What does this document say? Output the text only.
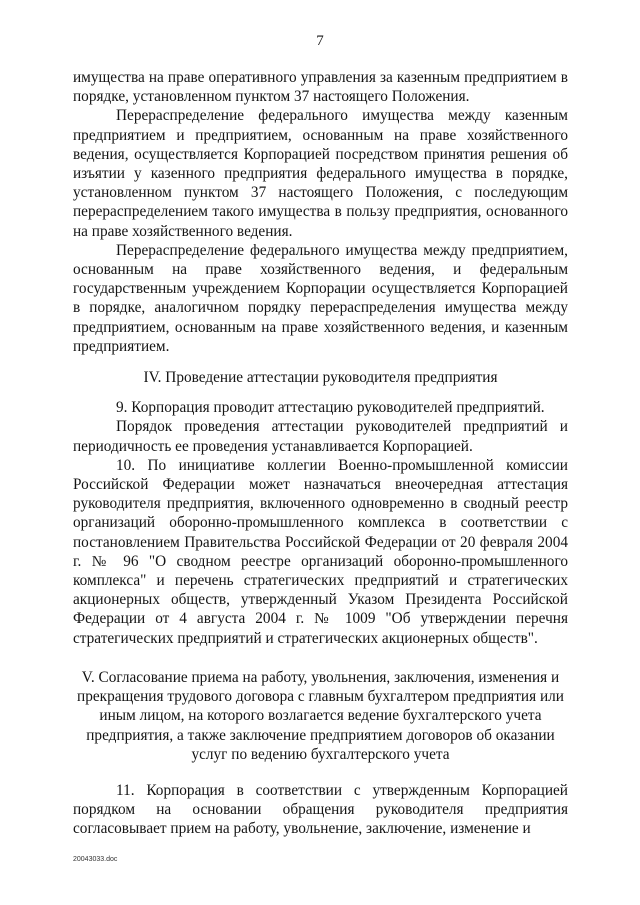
7

имущества на праве оперативного управления за казенным предприятием в порядке, установленном пунктом 37 настоящего Положения.

Перераспределение федерального имущества между казенным предприятием и предприятием, основанным на праве хозяйственного ведения, осуществляется Корпорацией посредством принятия решения об изъятии у казенного предприятия федерального имущества в порядке, установленном пунктом 37 настоящего Положения, с последующим перераспределением такого имущества в пользу предприятия, основанного на праве хозяйственного ведения.

Перераспределение федерального имущества между предприятием, основанным на праве хозяйственного ведения, и федеральным государственным учреждением Корпорации осуществляется Корпорацией в порядке, аналогичном порядку перераспределения имущества между предприятием, основанным на праве хозяйственного ведения, и казенным предприятием.

IV. Проведение аттестации руководителя предприятия

9. Корпорация проводит аттестацию руководителей предприятий.

Порядок проведения аттестации руководителей предприятий и периодичность ее проведения устанавливается Корпорацией.

10. По инициативе коллегии Военно-промышленной комиссии Российской Федерации может назначаться внеочередная аттестация руководителя предприятия, включенного одновременно в сводный реестр организаций оборонно-промышленного комплекса в соответствии с постановлением Правительства Российской Федерации от 20 февраля 2004 г. № 96 "О сводном реестре организаций оборонно-промышленного комплекса" и перечень стратегических предприятий и стратегических акционерных обществ, утвержденный Указом Президента Российской Федерации от 4 августа 2004 г. № 1009 "Об утверждении перечня стратегических предприятий и стратегических акционерных обществ".

V. Согласование приема на работу, увольнения, заключения, изменения и прекращения трудового договора с главным бухгалтером предприятия или иным лицом, на которого возлагается ведение бухгалтерского учета предприятия, а также заключение предприятием договоров об оказании услуг по ведению бухгалтерского учета

11. Корпорация в соответствии с утвержденным Корпорацией порядком на основании обращения руководителя предприятия согласовывает прием на работу, увольнение, заключение, изменение и

20043033.doc
